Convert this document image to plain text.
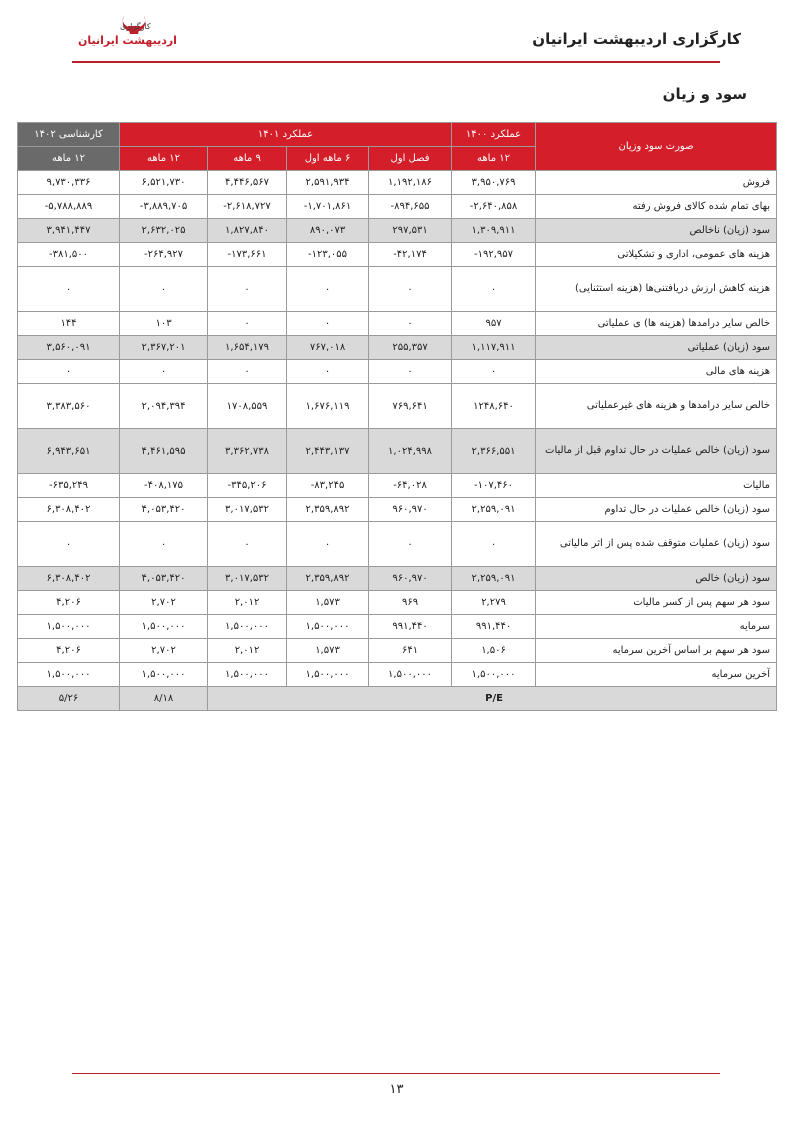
کارگزاری
اردیبهشت ایرانیان	کارگزاری اردیبهشت ایرانیان
سود و زیان
صورت سود وزیان	عملکرد ۱۴۰۰	عملکرد ۱۴۰۱				کارشناسی ۱۴۰۲
	۱۲ ماهه	فصل اول	۶ ماهه اول	۹ ماهه	۱۲ ماهه	۱۲ ماهه
فروش	۳,۹۵۰,۷۶۹	۱,۱۹۲,۱۸۶	۲,۵۹۱,۹۳۴	۴,۴۴۶,۵۶۷	۶,۵۲۱,۷۳۰	۹,۷۳۰,۳۳۶
بهای تمام شده کالای فروش رفته	-۲,۶۴۰,۸۵۸	-۸۹۴,۶۵۵	-۱,۷۰۱,۸۶۱	-۲,۶۱۸,۷۲۷	-۳,۸۸۹,۷۰۵	-۵,۷۸۸,۸۸۹
سود (زیان) ناخالص	۱,۳۰۹,۹۱۱	۲۹۷,۵۳۱	۸۹۰,۰۷۳	۱,۸۲۷,۸۴۰	۲,۶۳۲,۰۲۵	۳,۹۴۱,۴۴۷
هزینه های عمومی، اداری و تشکیلاتی	-۱۹۲,۹۵۷	-۴۲,۱۷۴	-۱۲۳,۰۵۵	-۱۷۳,۶۶۱	-۲۶۴,۹۲۷	-۳۸۱,۵۰۰
هزینه کاهش ارزش دریافتنی‌ها (هزینه استثنایی)	۰	۰	۰	۰	۰	۰
خالص سایر درامدها (هزینه ها) ی عملیاتی	۹۵۷	۰	۰	۰	۱۰۳	۱۴۴
سود (زیان) عملیاتی	۱,۱۱۷,۹۱۱	۲۵۵,۳۵۷	۷۶۷,۰۱۸	۱,۶۵۴,۱۷۹	۲,۳۶۷,۲۰۱	۳,۵۶۰,۰۹۱
هزینه های مالی	۰	۰	۰	۰	۰	۰
خالص سایر درامدها و هزینه های غیرعملیاتی	۱۲۴۸,۶۴۰	۷۶۹,۶۴۱	۱,۶۷۶,۱۱۹	۱۷۰۸,۵۵۹	۲,۰۹۴,۳۹۴	۳,۳۸۳,۵۶۰
سود (زیان) خالص عملیات در حال تداوم قبل از مالیات	۲,۳۶۶,۵۵۱	۱,۰۲۴,۹۹۸	۲,۴۴۳,۱۳۷	۳,۳۶۲,۷۳۸	۴,۴۶۱,۵۹۵	۶,۹۴۳,۶۵۱
مالیات	-۱۰۷,۴۶۰	-۶۴,۰۲۸	-۸۳,۲۴۵	-۳۴۵,۲۰۶	-۴۰۸,۱۷۵	-۶۳۵,۲۴۹
سود (زیان) خالص عملیات در حال تداوم	۲,۲۵۹,۰۹۱	۹۶۰,۹۷۰	۲,۳۵۹,۸۹۲	۳,۰۱۷,۵۳۲	۴,۰۵۳,۴۲۰	۶,۳۰۸,۴۰۲
سود (زیان) عملیات متوقف شده پس از اثر مالیاتی	۰	۰	۰	۰	۰	۰
سود (زیان) خالص	۲,۲۵۹,۰۹۱	۹۶۰,۹۷۰	۲,۳۵۹,۸۹۲	۳,۰۱۷,۵۳۲	۴,۰۵۳,۴۲۰	۶,۳۰۸,۴۰۲
سود هر سهم پس از کسر مالیات	۲,۲۷۹	۹۶۹	۱,۵۷۳	۲,۰۱۲	۲,۷۰۲	۴,۲۰۶
سرمایه	۹۹۱,۴۴۰	۹۹۱,۴۴۰	۱,۵۰۰,۰۰۰	۱,۵۰۰,۰۰۰	۱,۵۰۰,۰۰۰	۱,۵۰۰,۰۰۰
سود هر سهم بر اساس آخرین سرمایه	۱,۵۰۶	۶۴۱	۱,۵۷۳	۲,۰۱۲	۲,۷۰۲	۴,۲۰۶
آخرین سرمایه	۱,۵۰۰,۰۰۰	۱,۵۰۰,۰۰۰	۱,۵۰۰,۰۰۰	۱,۵۰۰,۰۰۰	۱,۵۰۰,۰۰۰	۱,۵۰۰,۰۰۰
P/E					۸/۱۸	۵/۲۶
۱۳
